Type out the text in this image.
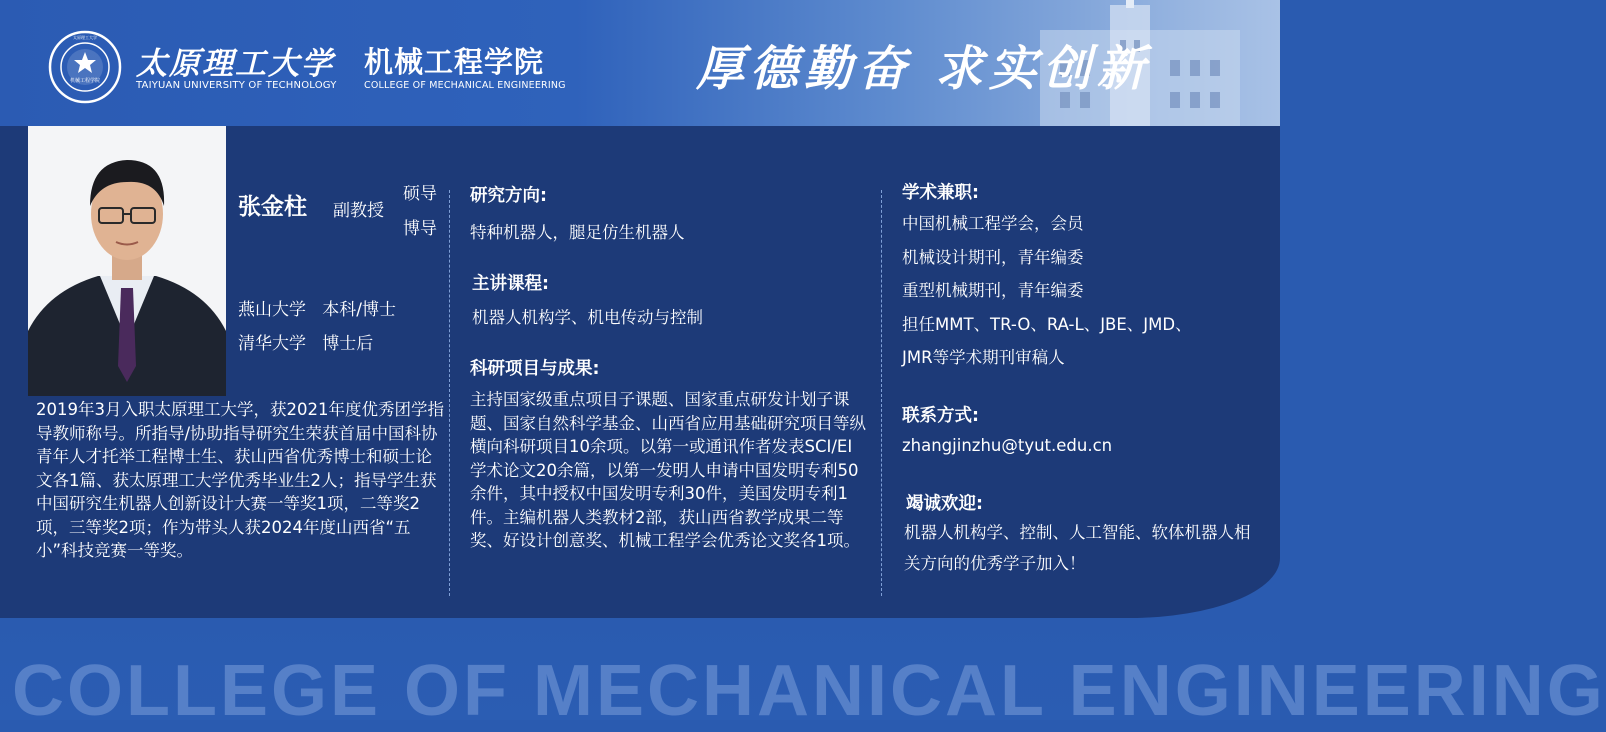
机械工程学院
太原理工大学
太原理工大学
TAIYUAN UNIVERSITY OF TECHNOLOGY
机械工程学院
COLLEGE OF MECHANICAL ENGINEERING	厚德勤奋 求实创新
张金柱 副教授
硕导
博导
燕山大学   本科/博士
清华大学   博士后
2019年3月入职太原理工大学，获2021年度优秀团学指导教师称号。所指导/协助指导研究生荣获首届中国科协青年人才托举工程博士生、获山西省优秀博士和硕士论文各1篇、获太原理工大学优秀毕业生2人；指导学生获中国研究生机器人创新设计大赛一等奖1项，二等奖2项，三等奖2项；作为带头人获2024年度山西省“五小”科技竞赛一等奖。
研究方向:
特种机器人，腿足仿生机器人
主讲课程:
机器人机构学、机电传动与控制
科研项目与成果:
主持国家级重点项目子课题、国家重点研发计划子课题、国家自然科学基金、山西省应用基础研究项目等纵横向科研项目10余项。以第一或通讯作者发表SCI/EI学术论文20余篇，以第一发明人申请中国发明专利50余件，其中授权中国发明专利30件，美国发明专利1件。主编机器人类教材2部，获山西省教学成果二等奖、好设计创意奖、机械工程学会优秀论文奖各1项。
学术兼职:
中国机械工程学会，会员
机械设计期刊，青年编委
重型机械期刊，青年编委
担任MMT、TR-O、RA-L、JBE、JMD、
JMR等学术期刊审稿人
联系方式:
zhangjinzhu@tyut.edu.cn
竭诚欢迎:
机器人机构学、控制、人工智能、软体机器人相关方向的优秀学子加入！
COLLEGE OF MECHANICAL ENGINEERING
